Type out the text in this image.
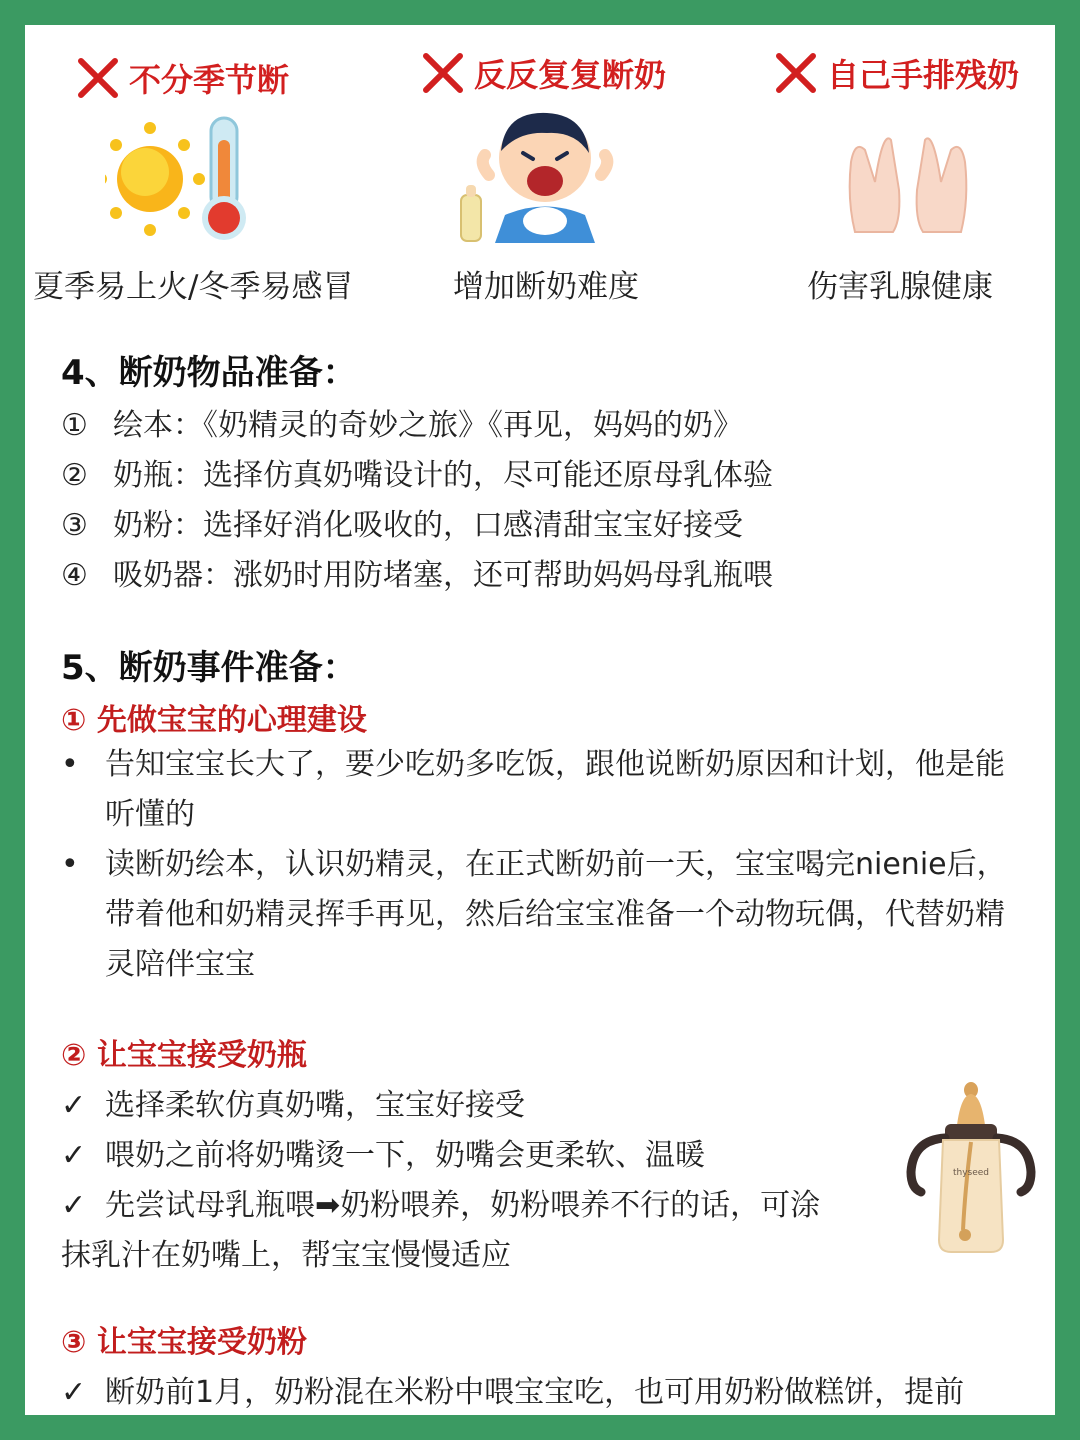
不分季节断	反反复复断奶	自己手排残奶
夏季易上火/冬季易感冒	增加断奶难度	伤害乳腺健康
4、断奶物品准备：
① 绘本：《奶精灵的奇妙之旅》《再见，妈妈的奶》
② 奶瓶：选择仿真奶嘴设计的，尽可能还原母乳体验
③ 奶粉：选择好消化吸收的，口感清甜宝宝好接受
④ 吸奶器：涨奶时用防堵塞，还可帮助妈妈母乳瓶喂
5、断奶事件准备：
① 先做宝宝的心理建设
• 告知宝宝长大了，要少吃奶多吃饭，跟他说断奶原因和计划，他是能听懂的
• 读断奶绘本，认识奶精灵，在正式断奶前一天，宝宝喝完nienie后，带着他和奶精灵挥手再见，然后给宝宝准备一个动物玩偶，代替奶精灵陪伴宝宝
② 让宝宝接受奶瓶
✓ 选择柔软仿真奶嘴，宝宝好接受
✓ 喂奶之前将奶嘴烫一下，奶嘴会更柔软、温暖
✓ 先尝试母乳瓶喂➡奶粉喂养，奶粉喂养不行的话，可涂
抹乳汁在奶嘴上，帮宝宝慢慢适应
thyseed
③ 让宝宝接受奶粉
✓ 断奶前1月，奶粉混在米粉中喂宝宝吃，也可用奶粉做糕饼，提前
